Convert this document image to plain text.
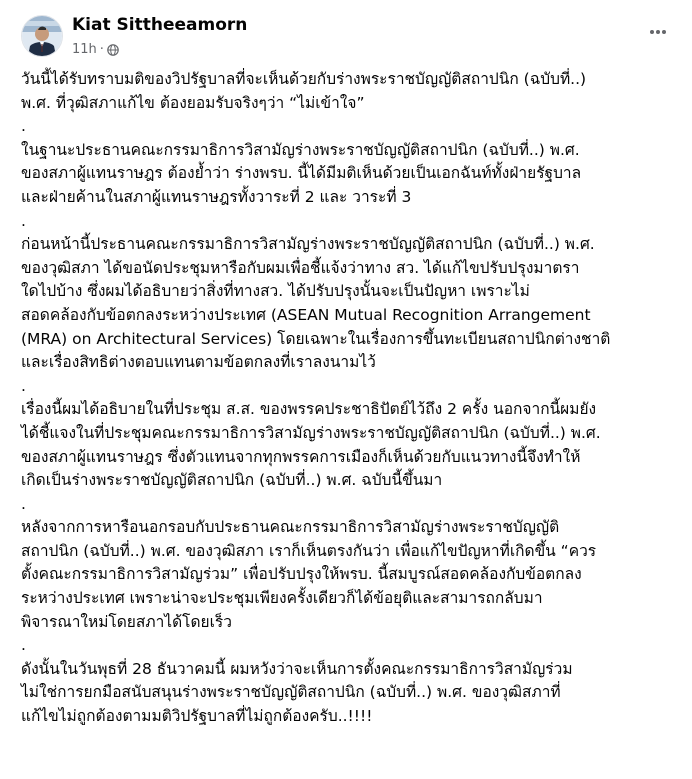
Kiat Sittheeamorn
11h ·

วันนี้ได้รับทราบมติของวิปรัฐบาลที่จะเห็นด้วยกับร่างพระราชบัญญัติสถาปนิก (ฉบับที่..)
พ.ศ. ที่วุฒิสภาแก้ไข ต้องยอมรับจริงๆว่า “ไม่เข้าใจ”
.

ในฐานะประธานคณะกรรมาธิการวิสามัญร่างพระราชบัญญัติสถาปนิก (ฉบับที่..) พ.ศ.
ของสภาผู้แทนราษฎร ต้องย้ำว่า ร่างพรบ. นี้ได้มีมติเห็นด้วยเป็นเอกฉันท์ทั้งฝ่ายรัฐบาล
และฝ่ายค้านในสภาผู้แทนราษฎรทั้งวาระที่ 2 และ วาระที่ 3
.

ก่อนหน้านี้ประธานคณะกรรมาธิการวิสามัญร่างพระราชบัญญัติสถาปนิก (ฉบับที่..) พ.ศ.
ของวุฒิสภา ได้ขอนัดประชุมหารือกับผมเพื่อชี้แจ้งว่าทาง สว. ได้แก้ไขปรับปรุงมาตรา
ใดไปบ้าง ซึ่งผมได้อธิบายว่าสิ่งที่ทางสว. ได้ปรับปรุงนั้นจะเป็นปัญหา เพราะไม่
สอดคล้องกับข้อตกลงระหว่างประเทศ (ASEAN Mutual Recognition Arrangement
(MRA) on Architectural Services) โดยเฉพาะในเรื่องการขึ้นทะเบียนสถาปนิกต่างชาติ
และเรื่องสิทธิต่างตอบแทนตามข้อตกลงที่เราลงนามไว้
.

เรื่องนี้ผมได้อธิบายในที่ประชุม ส.ส. ของพรรคประชาธิปัตย์ไว้ถึง 2 ครั้ง นอกจากนี้ผมยัง
ได้ชี้แจงในที่ประชุมคณะกรรมาธิการวิสามัญร่างพระราชบัญญัติสถาปนิก (ฉบับที่..) พ.ศ.
ของสภาผู้แทนราษฎร ซึ่งตัวแทนจากทุกพรรคการเมืองก็เห็นด้วยกับแนวทางนี้จึงทำให้
เกิดเป็นร่างพระราชบัญญัติสถาปนิก (ฉบับที่..) พ.ศ. ฉบับนี้ขึ้นมา
.

หลังจากการหารือนอกรอบกับประธานคณะกรรมาธิการวิสามัญร่างพระราชบัญญัติ
สถาปนิก (ฉบับที่..) พ.ศ. ของวุฒิสภา เราก็เห็นตรงกันว่า เพื่อแก้ไขปัญหาที่เกิดขึ้น “ควร
ตั้งคณะกรรมาธิการวิสามัญร่วม” เพื่อปรับปรุงให้พรบ. นี้สมบูรณ์สอดคล้องกับข้อตกลง
ระหว่างประเทศ เพราะน่าจะประชุมเพียงครั้งเดียวก็ได้ข้อยุติและสามารถกลับมา
พิจารณาใหม่โดยสภาได้โดยเร็ว
.

ดังนั้นในวันพุธที่ 28 ธันวาคมนี้ ผมหวังว่าจะเห็นการตั้งคณะกรรมาธิการวิสามัญร่วม
ไม่ใช่การยกมือสนับสนุนร่างพระราชบัญญัติสถาปนิก (ฉบับที่..) พ.ศ. ของวุฒิสภาที่
แก้ไขไม่ถูกต้องตามมติวิปรัฐบาลที่ไม่ถูกต้องครับ..!!!!
